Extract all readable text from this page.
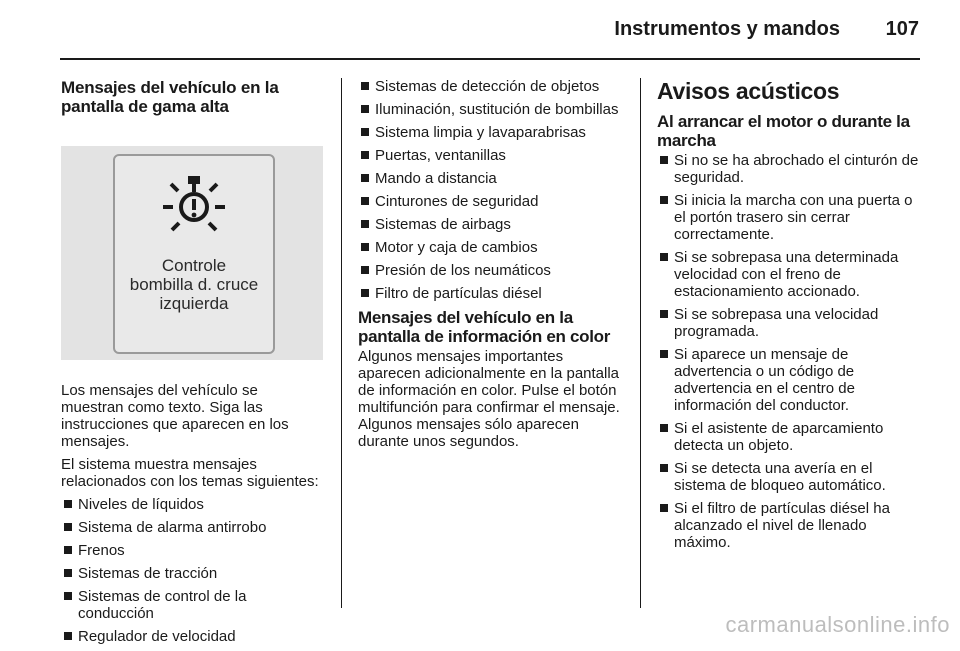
Instrumentos y mandos	107
Mensajes del vehículo en la pantalla de gama alta
Controle
bombilla d. cruce
izquierda

Los mensajes del vehículo se muestran como texto. Siga las instrucciones que aparecen en los mensajes.

El sistema muestra mensajes relacionados con los temas siguientes:

Niveles de líquidos
Sistema de alarma antirrobo
Frenos
Sistemas de tracción
Sistemas de control de la conducción
Regulador de velocidad
Sistemas de detección de objetos
Iluminación, sustitución de bombillas
Sistema limpia y lavaparabrisas
Puertas, ventanillas
Mando a distancia
Cinturones de seguridad
Sistemas de airbags
Motor y caja de cambios
Presión de los neumáticos
Filtro de partículas diésel
Mensajes del vehículo en la pantalla de información en color

Algunos mensajes importantes aparecen adicionalmente en la pantalla de información en color. Pulse el botón multifunción para confirmar el mensaje. Algunos mensajes sólo aparecen durante unos segundos.

Avisos acústicos
Al arrancar el motor o durante la marcha
Si no se ha abrochado el cinturón de seguridad.
Si inicia la marcha con una puerta o el portón trasero sin cerrar correctamente.
Si se sobrepasa una determinada velocidad con el freno de estacionamiento accionado.
Si se sobrepasa una velocidad programada.
Si aparece un mensaje de advertencia o un código de advertencia en el centro de información del conductor.
Si el asistente de aparcamiento detecta un objeto.
Si se detecta una avería en el sistema de bloqueo automático.
Si el filtro de partículas diésel ha alcanzado el nivel de llenado máximo.
carmanualsonline.info
